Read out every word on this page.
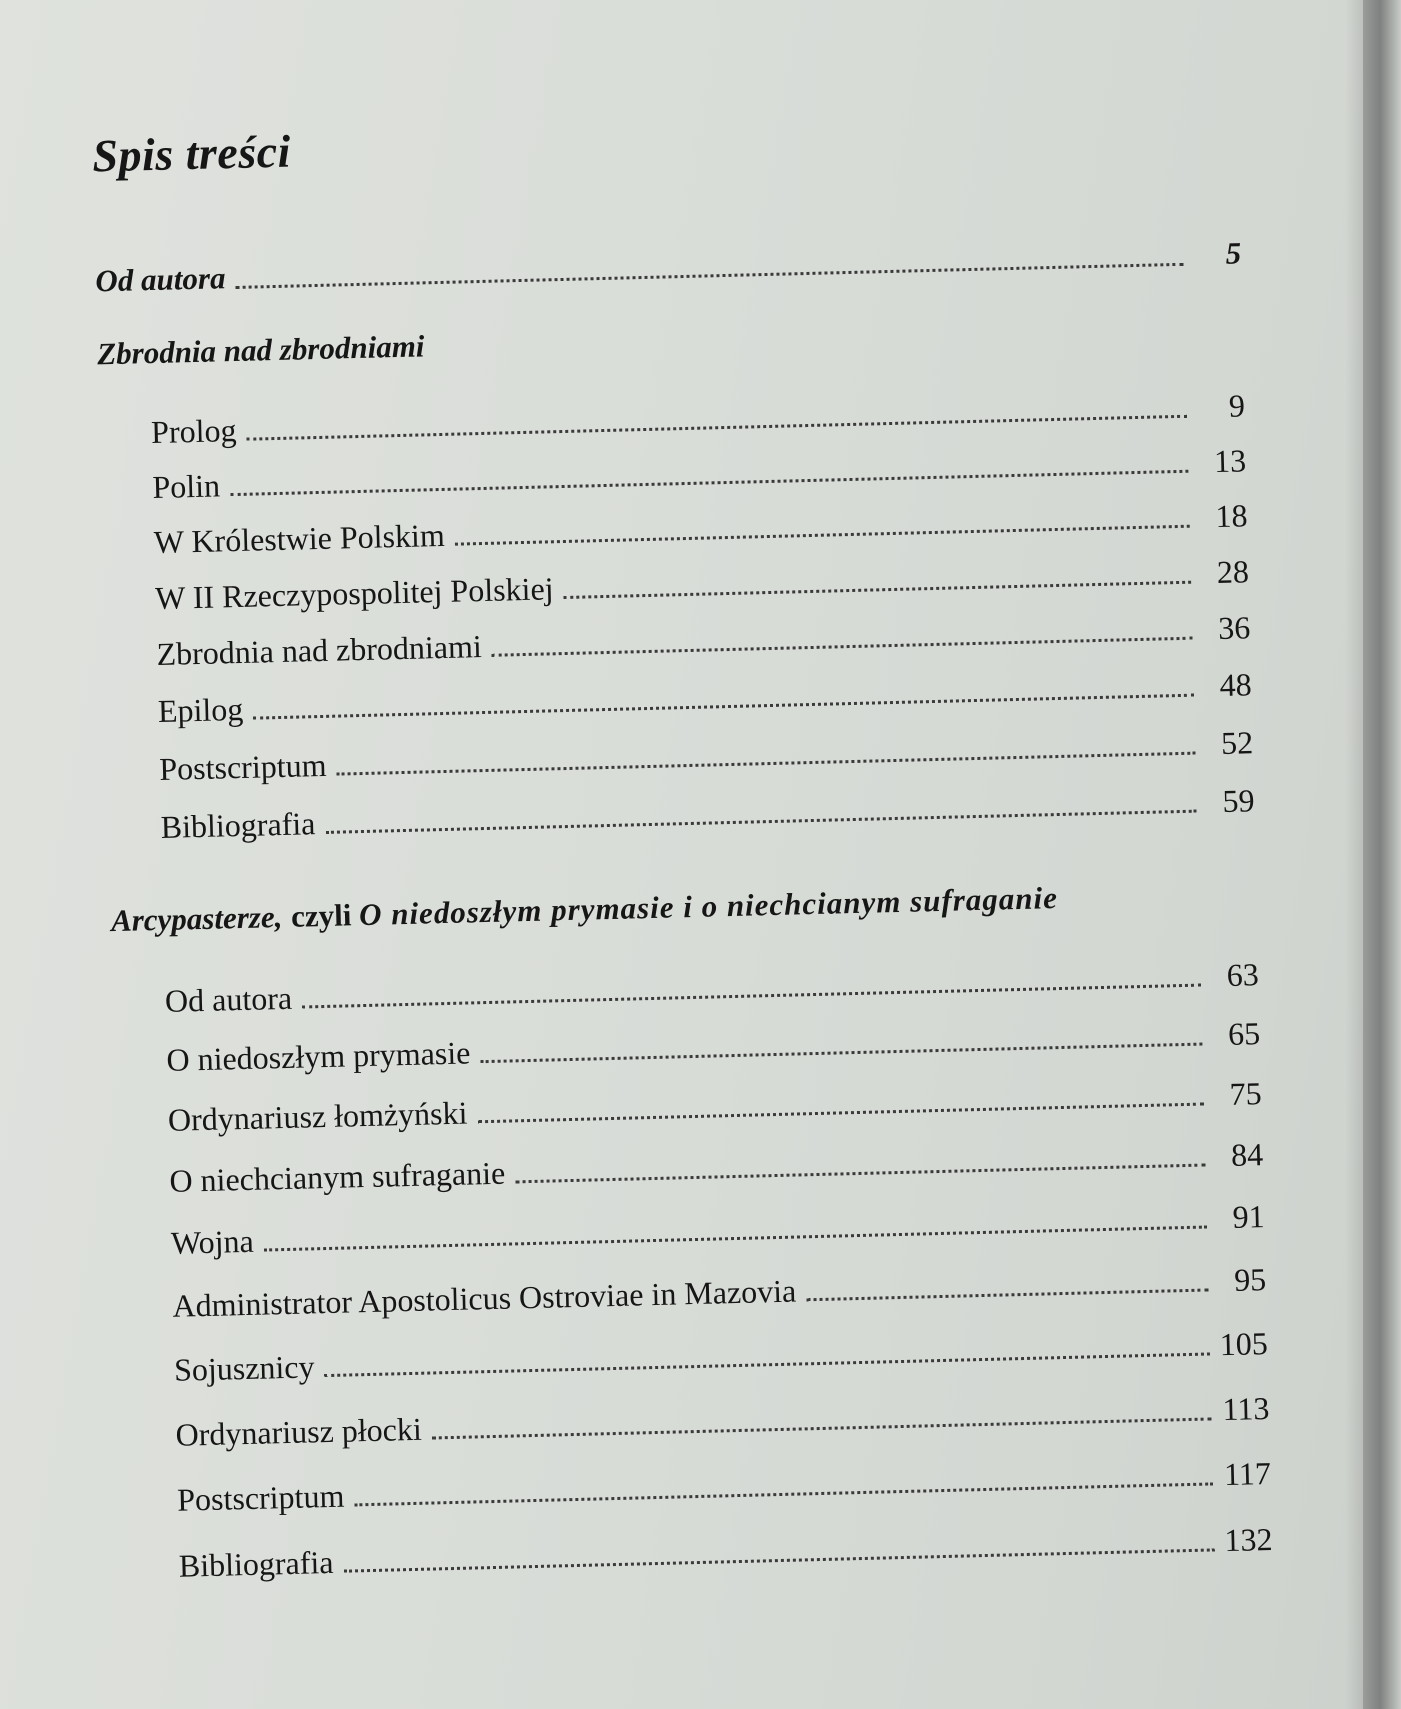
Spis treści
Od autora
5
Zbrodnia nad zbrodniami
Prolog
9
Polin
13
W Królestwie Polskim
18
W II Rzeczypospolitej Polskiej	28
Zbrodnia nad zbrodniami
36
Epilog
48
Postscriptum
52
Bibliografia
59
Arcypasterze, czyli O niedoszłym prymasie i o niechcianym sufraganie
Od autora
63
O niedoszłym prymasie
65
Ordynariusz łomżyński
75
O niechcianym sufraganie
84
Wojna
91
Administrator Apostolicus Ostroviae in Mazovia	95
Sojusznicy
105
Ordynariusz płocki
113
Postscriptum
117
Bibliografia
132
